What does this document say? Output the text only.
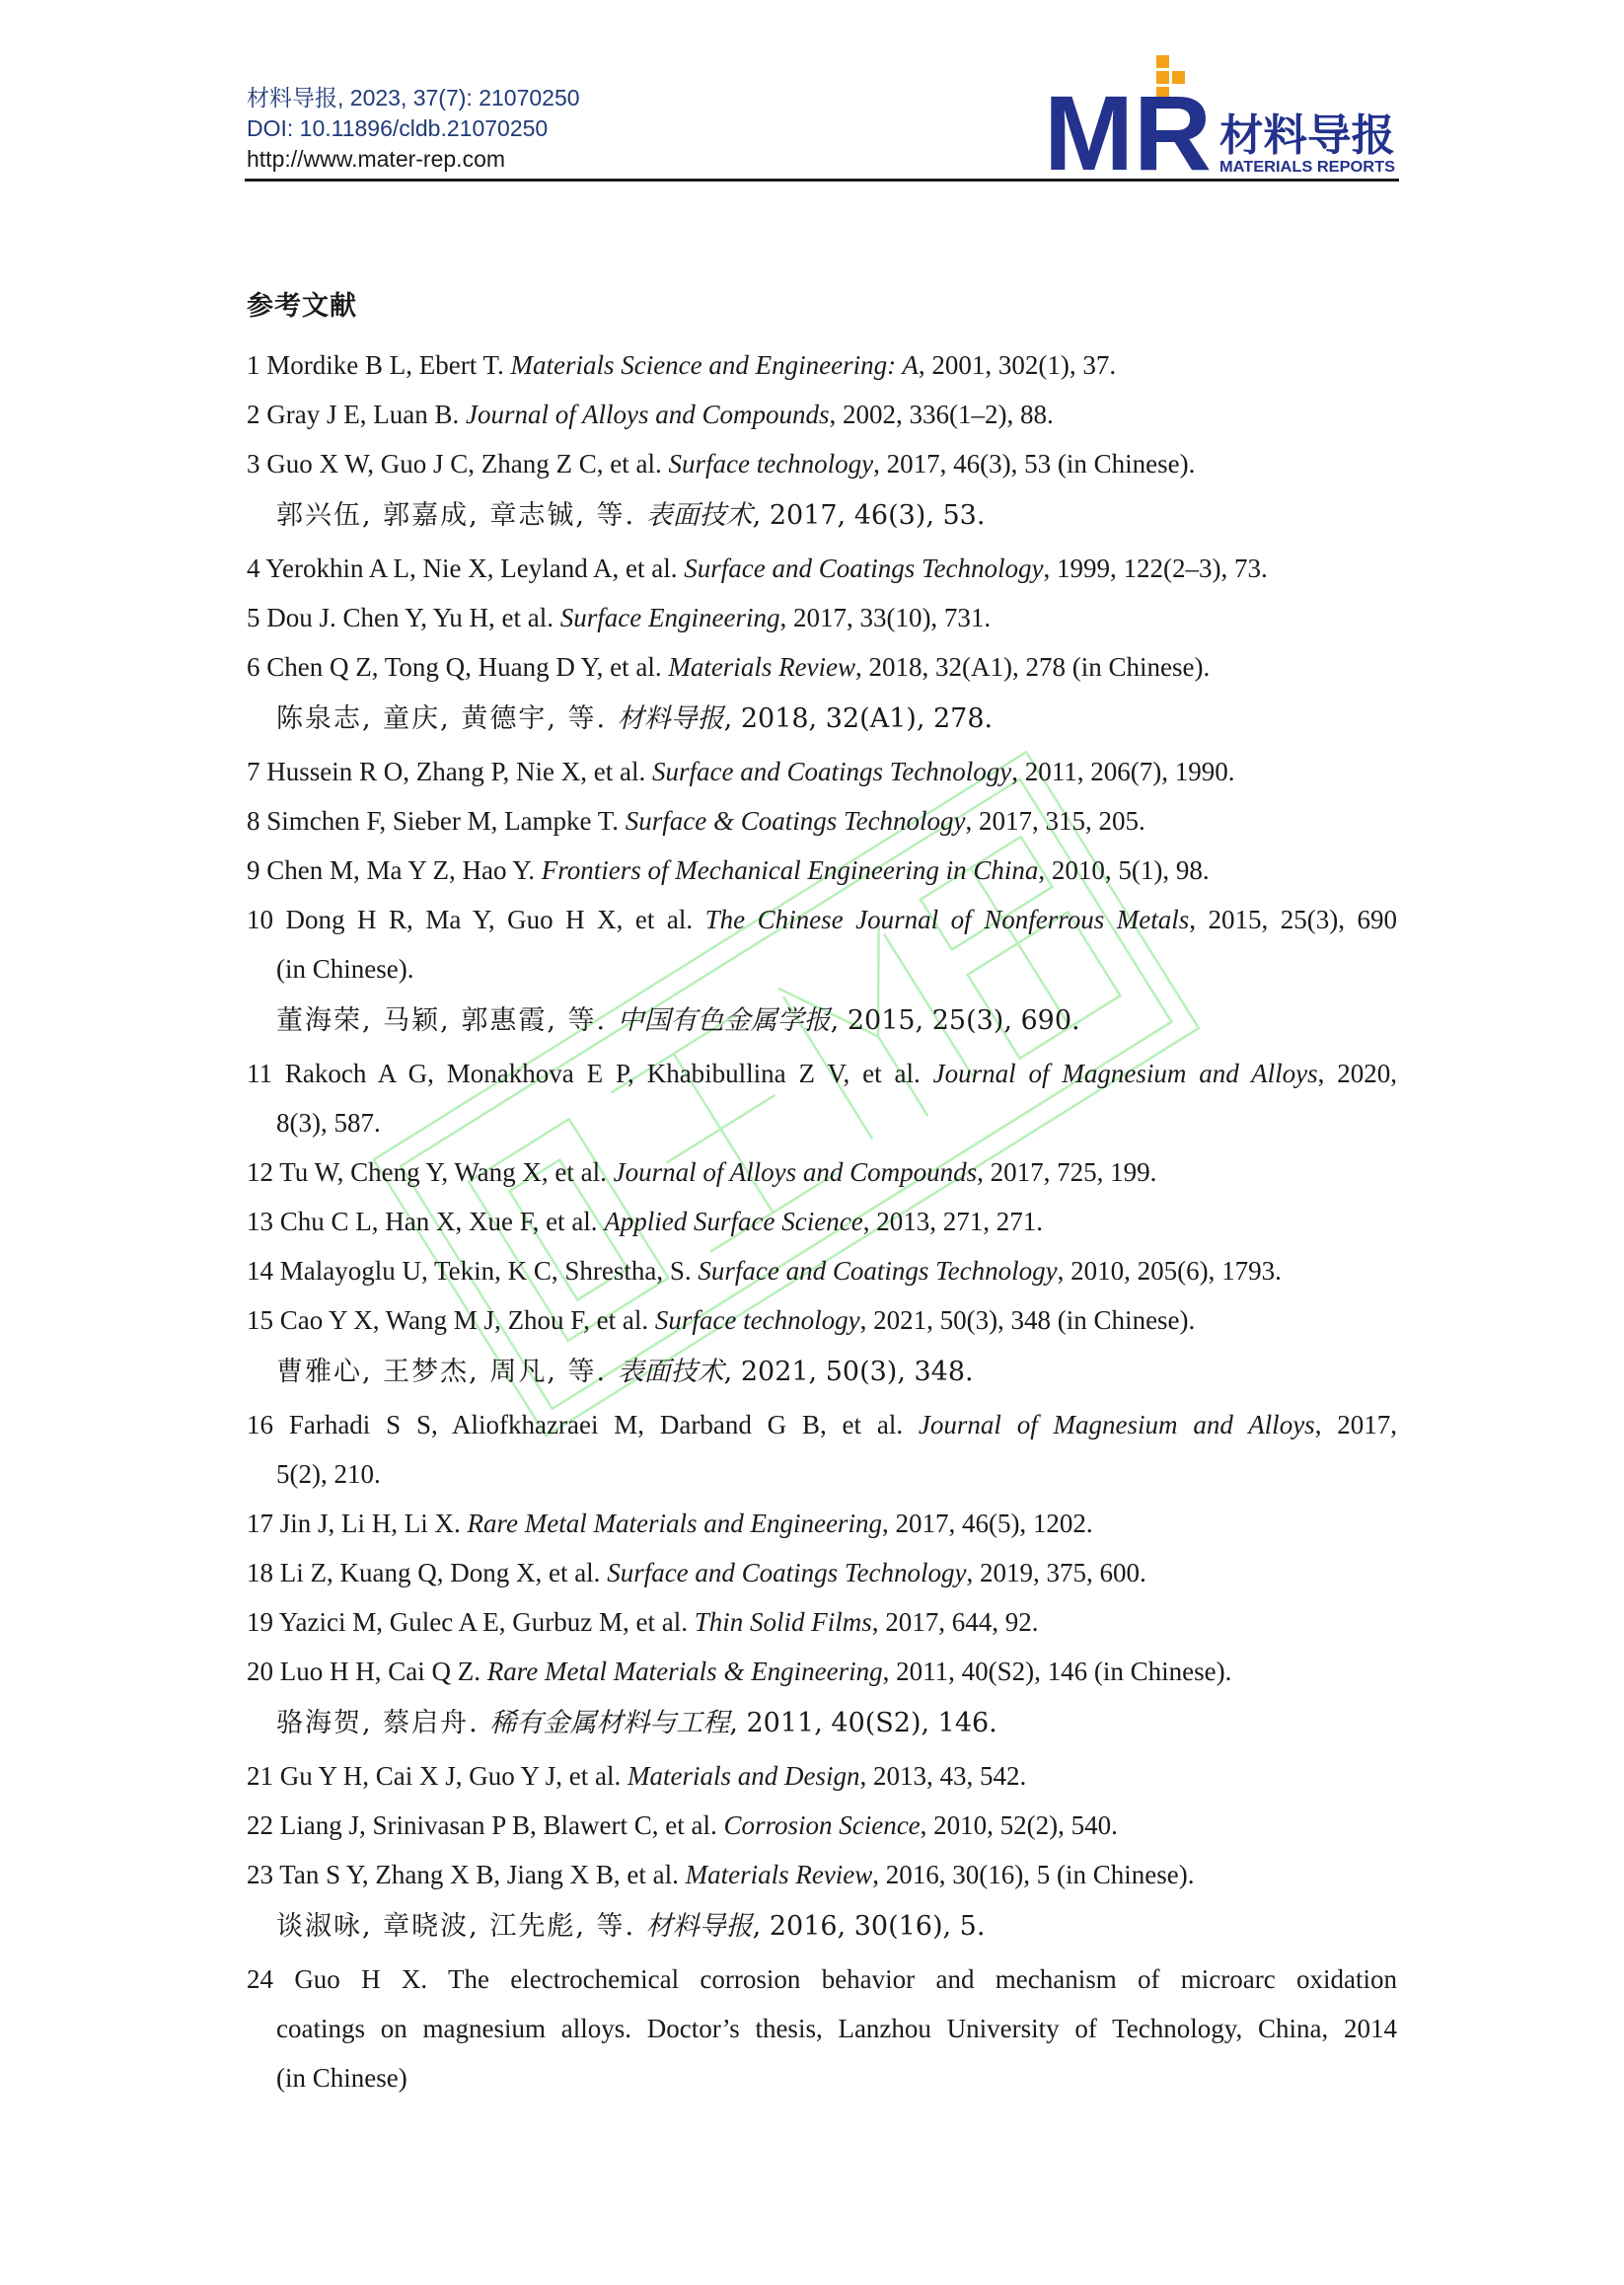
材料导报, 2023, 37(7): 21070250
DOI: 10.11896/cldb.21070250
http://www.mater-rep.com	MR 材料导报
MATERIALS REPORTS
参考文献
1 Mordike B L, Ebert T. Materials Science and Engineering: A, 2001, 302(1), 37.
2 Gray J E, Luan B. Journal of Alloys and Compounds, 2002, 336(1–2), 88.
3 Guo X W, Guo J C, Zhang Z C, et al. Surface technology, 2017, 46(3), 53 (in Chinese).
郭兴伍, 郭嘉成, 章志铖, 等. 表面技术, 2017, 46(3), 53.
4 Yerokhin A L, Nie X, Leyland A, et al. Surface and Coatings Technology, 1999, 122(2–3), 73.
5 Dou J. Chen Y, Yu H, et al. Surface Engineering, 2017, 33(10), 731.
6 Chen Q Z, Tong Q, Huang D Y, et al. Materials Review, 2018, 32(A1), 278 (in Chinese).
陈泉志, 童庆, 黄德宇, 等. 材料导报, 2018, 32(A1), 278.
7 Hussein R O, Zhang P, Nie X, et al. Surface and Coatings Technology, 2011, 206(7), 1990.
8 Simchen F, Sieber M, Lampke T. Surface & Coatings Technology, 2017, 315, 205.
9 Chen M, Ma Y Z, Hao Y. Frontiers of Mechanical Engineering in China, 2010, 5(1), 98.
10 Dong H R, Ma Y, Guo H X, et al. The Chinese Journal of Nonferrous Metals, 2015, 25(3), 690
(in Chinese).
董海荣, 马颖, 郭惠霞, 等. 中国有色金属学报, 2015, 25(3), 690.
11 Rakoch A G, Monakhova E P, Khabibullina Z V, et al. Journal of Magnesium and Alloys, 2020,
8(3), 587.
12 Tu W, Cheng Y, Wang X, et al. Journal of Alloys and Compounds, 2017, 725, 199.
13 Chu C L, Han X, Xue F, et al. Applied Surface Science, 2013, 271, 271.
14 Malayoglu U, Tekin, K C, Shrestha, S. Surface and Coatings Technology, 2010, 205(6), 1793.
15 Cao Y X, Wang M J, Zhou F, et al. Surface technology, 2021, 50(3), 348 (in Chinese).
曹雅心, 王梦杰, 周凡, 等. 表面技术, 2021, 50(3), 348.
16 Farhadi S S, Aliofkhazraei M, Darband G B, et al. Journal of Magnesium and Alloys, 2017,
5(2), 210.
17 Jin J, Li H, Li X. Rare Metal Materials and Engineering, 2017, 46(5), 1202.
18 Li Z, Kuang Q, Dong X, et al. Surface and Coatings Technology, 2019, 375, 600.
19 Yazici M, Gulec A E, Gurbuz M, et al. Thin Solid Films, 2017, 644, 92.
20 Luo H H, Cai Q Z. Rare Metal Materials & Engineering, 2011, 40(S2), 146 (in Chinese).
骆海贺, 蔡启舟. 稀有金属材料与工程, 2011, 40(S2), 146.
21 Gu Y H, Cai X J, Guo Y J, et al. Materials and Design, 2013, 43, 542.
22 Liang J, Srinivasan P B, Blawert C, et al. Corrosion Science, 2010, 52(2), 540.
23 Tan S Y, Zhang X B, Jiang X B, et al. Materials Review, 2016, 30(16), 5 (in Chinese).
谈淑咏, 章晓波, 江先彪, 等. 材料导报, 2016, 30(16), 5.
24 Guo H X. The electrochemical corrosion behavior and mechanism of microarc oxidation
coatings on magnesium alloys. Doctor’s thesis, Lanzhou University of Technology, China, 2014
(in Chinese)
